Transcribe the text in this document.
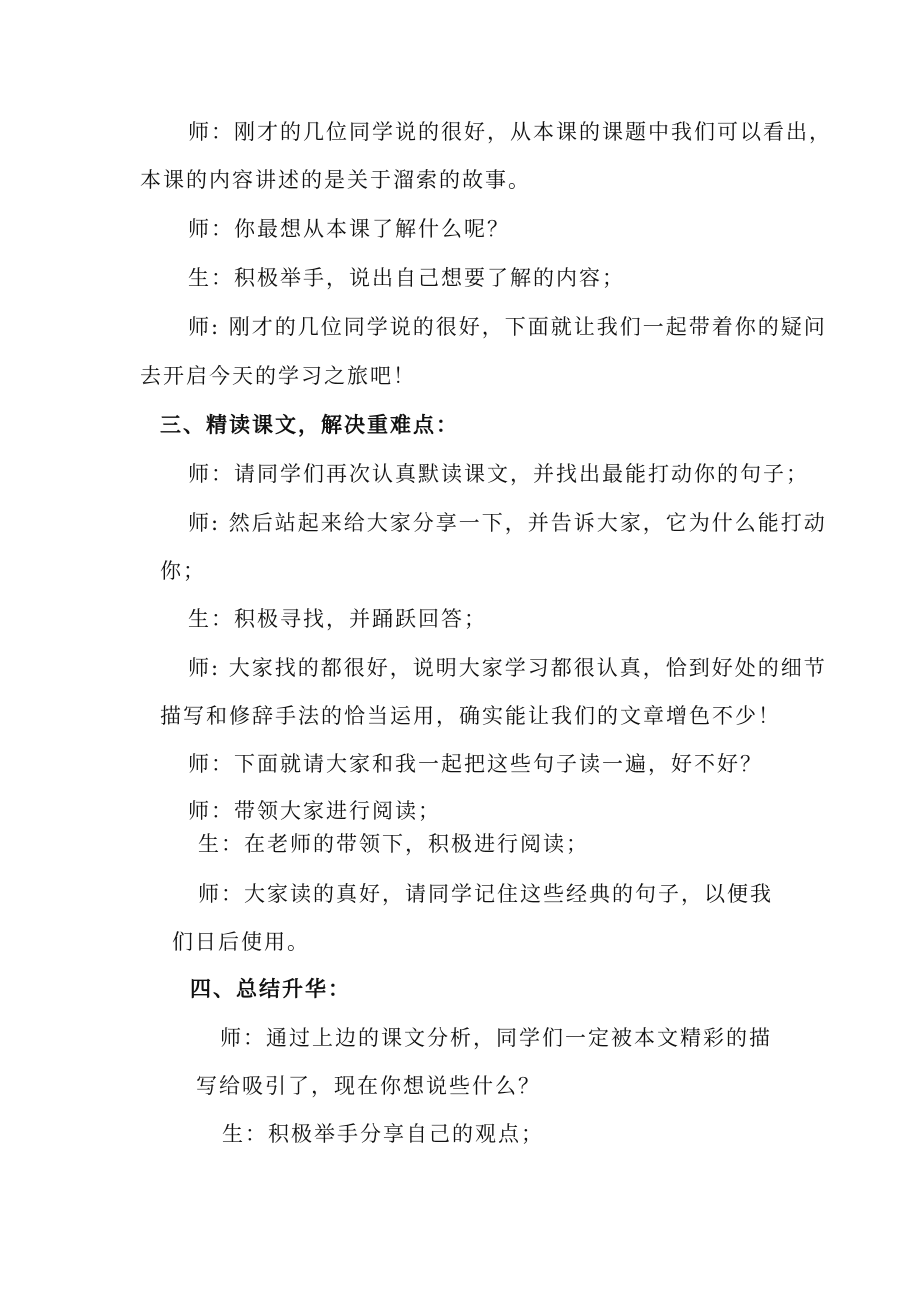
师：刚才的几位同学说的很好，从本课的课题中我们可以看出，
本课的内容讲述的是关于溜索的故事。
师：你最想从本课了解什么呢？
生：积极举手，说出自己想要了解的内容；
师: 刚才的几位同学说的很好，下面就让我们一起带着你的疑问
去开启今天的学习之旅吧！
三、精读课文，解决重难点：
师：请同学们再次认真默读课文，并找出最能打动你的句子；
师: 然后站起来给大家分享一下，并告诉大家，它为什么能打动
你；
生：积极寻找，并踊跃回答；
师: 大家找的都很好，说明大家学习都很认真，恰到好处的细节
描写和修辞手法的恰当运用，确实能让我们的文章增色不少！
师：下面就请大家和我一起把这些句子读一遍，好不好？
师：带领大家进行阅读；
生：在老师的带领下，积极进行阅读；
师：大家读的真好，请同学记住这些经典的句子，以便我
们日后使用。
四、总结升华：
师：通过上边的课文分析，同学们一定被本文精彩的描
写给吸引了，现在你想说些什么？
生：积极举手分享自己的观点；
